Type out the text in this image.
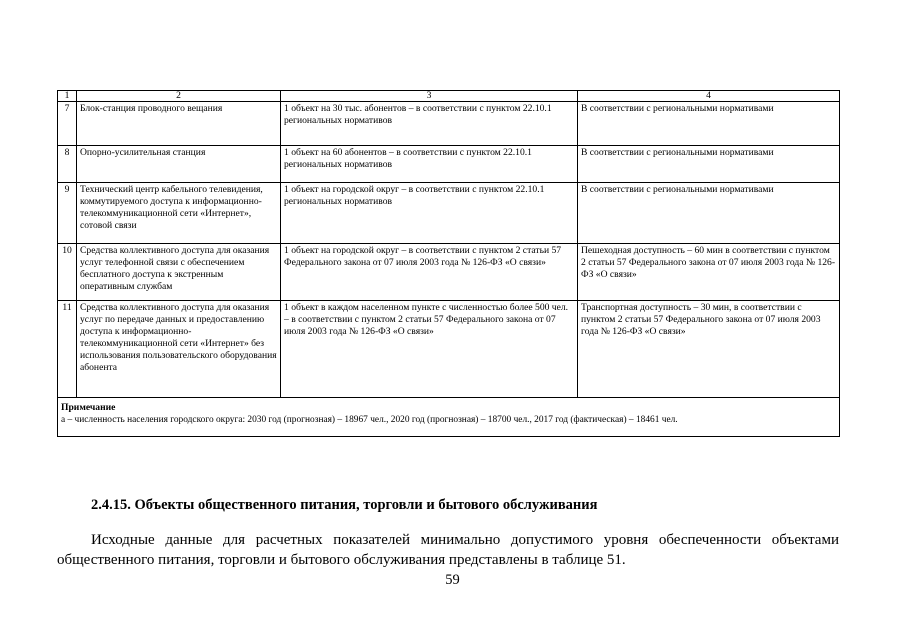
1	2	3	4
7	Блок-станция проводного вещания	1 объект на 30 тыс. абонентов – в соответствии с пунктом 22.10.1 региональных нормативов	В соответствии с региональными нормативами
8	Опорно-усилительная станция	1 объект на 60 абонентов – в соответствии с пунктом 22.10.1 региональных нормативов	В соответствии с региональными нормативами
9	Технический центр кабельного телевидения, коммутируемого доступа к информационно-телекоммуникационной сети «Интернет», сотовой связи	1 объект на городской округ – в соответствии с пунктом 22.10.1 региональных нормативов	В соответствии с региональными нормативами
10	Средства коллективного доступа для оказания услуг телефонной связи с обеспечением бесплатного доступа к экстренным оперативным службам	1 объект на городской округ – в соответствии с пунктом 2 статьи 57 Федерального закона от 07 июля 2003 года № 126-ФЗ «О связи»	Пешеходная доступность – 60 мин в соответствии с пунктом 2 статьи 57 Федерального закона от 07 июля 2003 года № 126-ФЗ «О связи»
11	Средства коллективного доступа для оказания услуг по передаче данных и предоставлению доступа к информационно-телекоммуникационной сети «Интернет» без использования пользовательского оборудования абонента	1 объект в каждом населенном пункте с численностью более 500 чел. – в соответствии с пунктом 2 статьи 57 Федерального закона от 07 июля 2003 года № 126-ФЗ «О связи»	Транспортная доступность – 30 мин, в соответствии с пунктом 2 статьи 57 Федерального закона от 07 июля 2003 года № 126-ФЗ «О связи»

Примечание
а – численность населения городского округа: 2030 год (прогнозная) – 18967 чел., 2020 год (прогнозная) – 18700 чел., 2017 год (фактическая) – 18461 чел.			
2.4.15. Объекты общественного питания, торговли и бытового обслуживания
Исходные данные для расчетных показателей минимально допустимого уровня обеспеченности объектами общественного питания, торговли и бытового обслуживания представлены в таблице 51.
59
